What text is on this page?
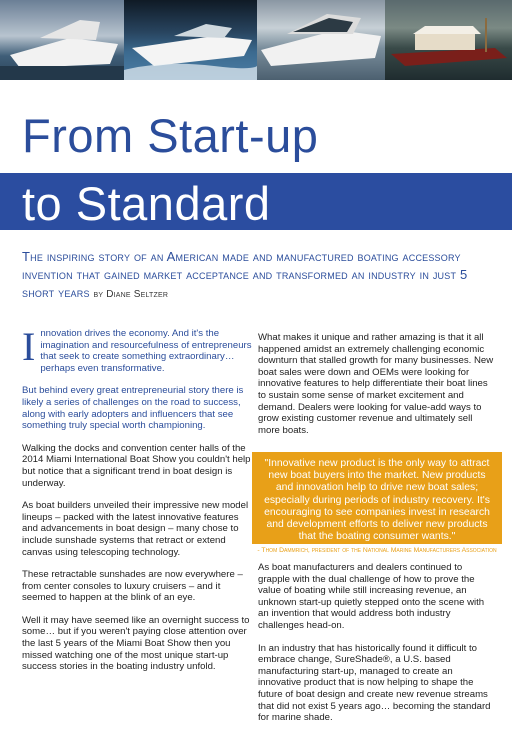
From Start-up
to Standard
The inspiring story of an American made and manufactured boating accessory invention that gained market acceptance and transformed an industry in just 5 short years by Diane Seltzer

I nnovation drives the economy. And it's the imagination and resourcefulness of entrepreneurs that seek to create something extraordinary… perhaps even transformative.

But behind every great entrepreneurial story there is likely a series of challenges on the road to success, along with early adopters and influencers that see something truly special worth championing.

Walking the docks and convention center halls of the 2014 Miami International Boat Show you couldn't help but notice that a significant trend in boat design is underway.

As boat builders unveiled their impressive new model lineups – packed with the latest innovative features and advancements in boat design – many chose to include sunshade systems that retract or extend canvas using telescoping technology.

These retractable sunshades are now everywhere – from center consoles to luxury cruisers – and it seemed to happen at the blink of an eye.

Well it may have seemed like an overnight success to some… but if you weren't paying close attention over the last 5 years of the Miami Boat Show then you missed watching one of the most unique start-up success stories in the boating industry unfold.

What makes it unique and rather amazing is that it all happened amidst an extremely challenging economic downturn that stalled growth for many businesses. New boat sales were down and OEMs were looking for innovative features to help differentiate their boat lines to sustain some sense of market excitement and demand. Dealers were looking for value-add ways to grow existing customer revenue and ultimately sell more boats.

"Innovative new product is the only way to attract new boat buyers into the market. New products and innovation help to drive new boat sales; especially during periods of industry recovery. It's encouraging to see companies invest in research and development efforts to deliver new products that the boating consumer wants."
- Thom Dammrich, president of the National Marine Manufacturers Association

As boat manufacturers and dealers continued to grapple with the dual challenge of how to prove the value of boating while still increasing revenue, an unknown start-up quietly stepped onto the scene with an invention that would address both industry challenges head-on.

In an industry that has historically found it difficult to embrace change, SureShade®, a U.S. based manufacturing start-up, managed to create an innovative product that is now helping to shape the future of boat design and create new revenue streams that did not exist 5 years ago… becoming the standard for marine shade.
